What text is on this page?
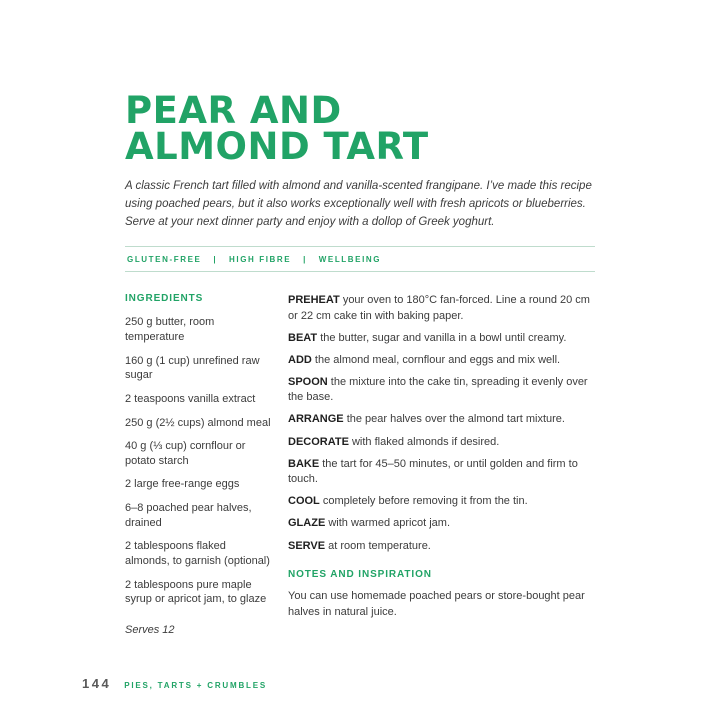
PEAR AND
ALMOND TART

A classic French tart filled with almond and vanilla-scented frangipane. I’ve made this recipe using poached pears, but it also works exceptionally well with fresh apricots or blueberries. Serve at your next dinner party and enjoy with a dollop of Greek yoghurt.

GLUTEN-FREE | HIGH FIBRE | WELLBEING
INGREDIENTS

250 g butter, room temperature

160 g (1 cup) unrefined raw sugar

2 teaspoons vanilla extract

250 g (2½ cups) almond meal

40 g (⅓ cup) cornflour or potato starch

2 large free-range eggs

6–8 poached pear halves, drained

2 tablespoons flaked almonds, to garnish (optional)

2 tablespoons pure maple syrup or apricot jam, to glaze

Serves 12

PREHEAT your oven to 180°C fan-forced. Line a round 20 cm or 22 cm cake tin with baking paper.

BEAT the butter, sugar and vanilla in a bowl until creamy.

ADD the almond meal, cornflour and eggs and mix well.

SPOON the mixture into the cake tin, spreading it evenly over the base.

ARRANGE the pear halves over the almond tart mixture.

DECORATE with flaked almonds if desired.

BAKE the tart for 45–50 minutes, or until golden and firm to touch.

COOL completely before removing it from the tin.

GLAZE with warmed apricot jam.

SERVE at room temperature.

NOTES AND INSPIRATION

You can use homemade poached pears or store-bought pear halves in natural juice.

144 PIES, TARTS + CRUMBLES
